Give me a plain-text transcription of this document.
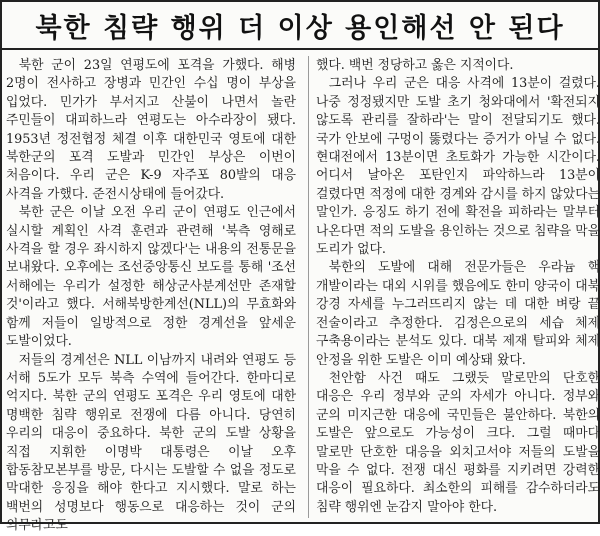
북한 침략 행위 더 이상 용인해선 안 된다

북한 군이 23일 연평도에 포격을 가했다. 해병 2명이 전사하고 장병과 민간인 수십 명이 부상을 입었다. 민가가 부서지고 산불이 나면서 놀란 주민들이 대피하느라 연평도는 아수라장이 됐다. 1953년 정전협정 체결 이후 대한민국 영토에 대한 북한군의 포격 도발과 민간인 부상은 이번이 처음이다. 우리 군은 K-9 자주포 80발의 대응 사격을 가했다. 준전시상태에 들어갔다.

북한 군은 이날 오전 우리 군이 연평도 인근에서 실시할 계획인 사격 훈련과 관련해 '북측 영해로 사격을 할 경우 좌시하지 않겠다'는 내용의 전통문을 보내왔다. 오후에는 조선중앙통신 보도를 통해 '조선 서해에는 우리가 설정한 해상군사분계선만 존재할 것'이라고 했다. 서해북방한계선(NLL)의 무효화와 함께 저들이 일방적으로 정한 경계선을 앞세운 도발이었다.

저들의 경계선은 NLL 이남까지 내려와 연평도 등 서해 5도가 모두 북측 수역에 들어간다. 한마디로 억지다. 북한 군의 연평도 포격은 우리 영토에 대한 명백한 침략 행위로 전쟁에 다름 아니다. 당연히 우리의 대응이 중요하다. 북한 군의 도발 상황을 직접 지휘한 이명박 대통령은 이날 오후 합동참모본부를 방문, 다시는 도발할 수 없을 정도로 막대한 응징을 해야 한다고 지시했다. 말로 하는 백번의 성명보다 행동으로 대응하는 것이 군의 의무라고도

했다. 백번 정당하고 옳은 지적이다.

그러나 우리 군은 대응 사격에 13분이 걸렸다. 나중 정정됐지만 도발 초기 청와대에서 '확전되지 않도록 관리를 잘하라'는 말이 전달되기도 했다. 국가 안보에 구멍이 뚫렸다는 증거가 아닐 수 없다. 현대전에서 13분이면 초토화가 가능한 시간이다. 어디서 날아온 포탄인지 파악하느라 13분이 걸렸다면 적정에 대한 경계와 감시를 하지 않았다는 말인가. 응징도 하기 전에 확전을 피하라는 말부터 나온다면 적의 도발을 용인하는 것으로 침략을 막을 도리가 없다.

북한의 도발에 대해 전문가들은 우라늄 핵 개발이라는 대외 시위를 했음에도 한미 양국이 대북 강경 자세를 누그러뜨리지 않는 데 대한 벼랑 끝 전술이라고 추정한다. 김정은으로의 세습 체제 구축용이라는 분석도 있다. 대북 제재 탈피와 체제 안정을 위한 도발은 이미 예상돼 왔다.

천안함 사건 때도 그랬듯 말로만의 단호한 대응은 우리 정부와 군의 자세가 아니다. 정부와 군의 미지근한 대응에 국민들은 불안하다. 북한의 도발은 앞으로도 가능성이 크다. 그럴 때마다 말로만 단호한 대응을 외치고서야 저들의 도발을 막을 수 없다. 전쟁 대신 평화를 지키려면 강력한 대응이 필요하다. 최소한의 피해를 감수하더라도 침략 행위엔 눈감지 말아야 한다.
